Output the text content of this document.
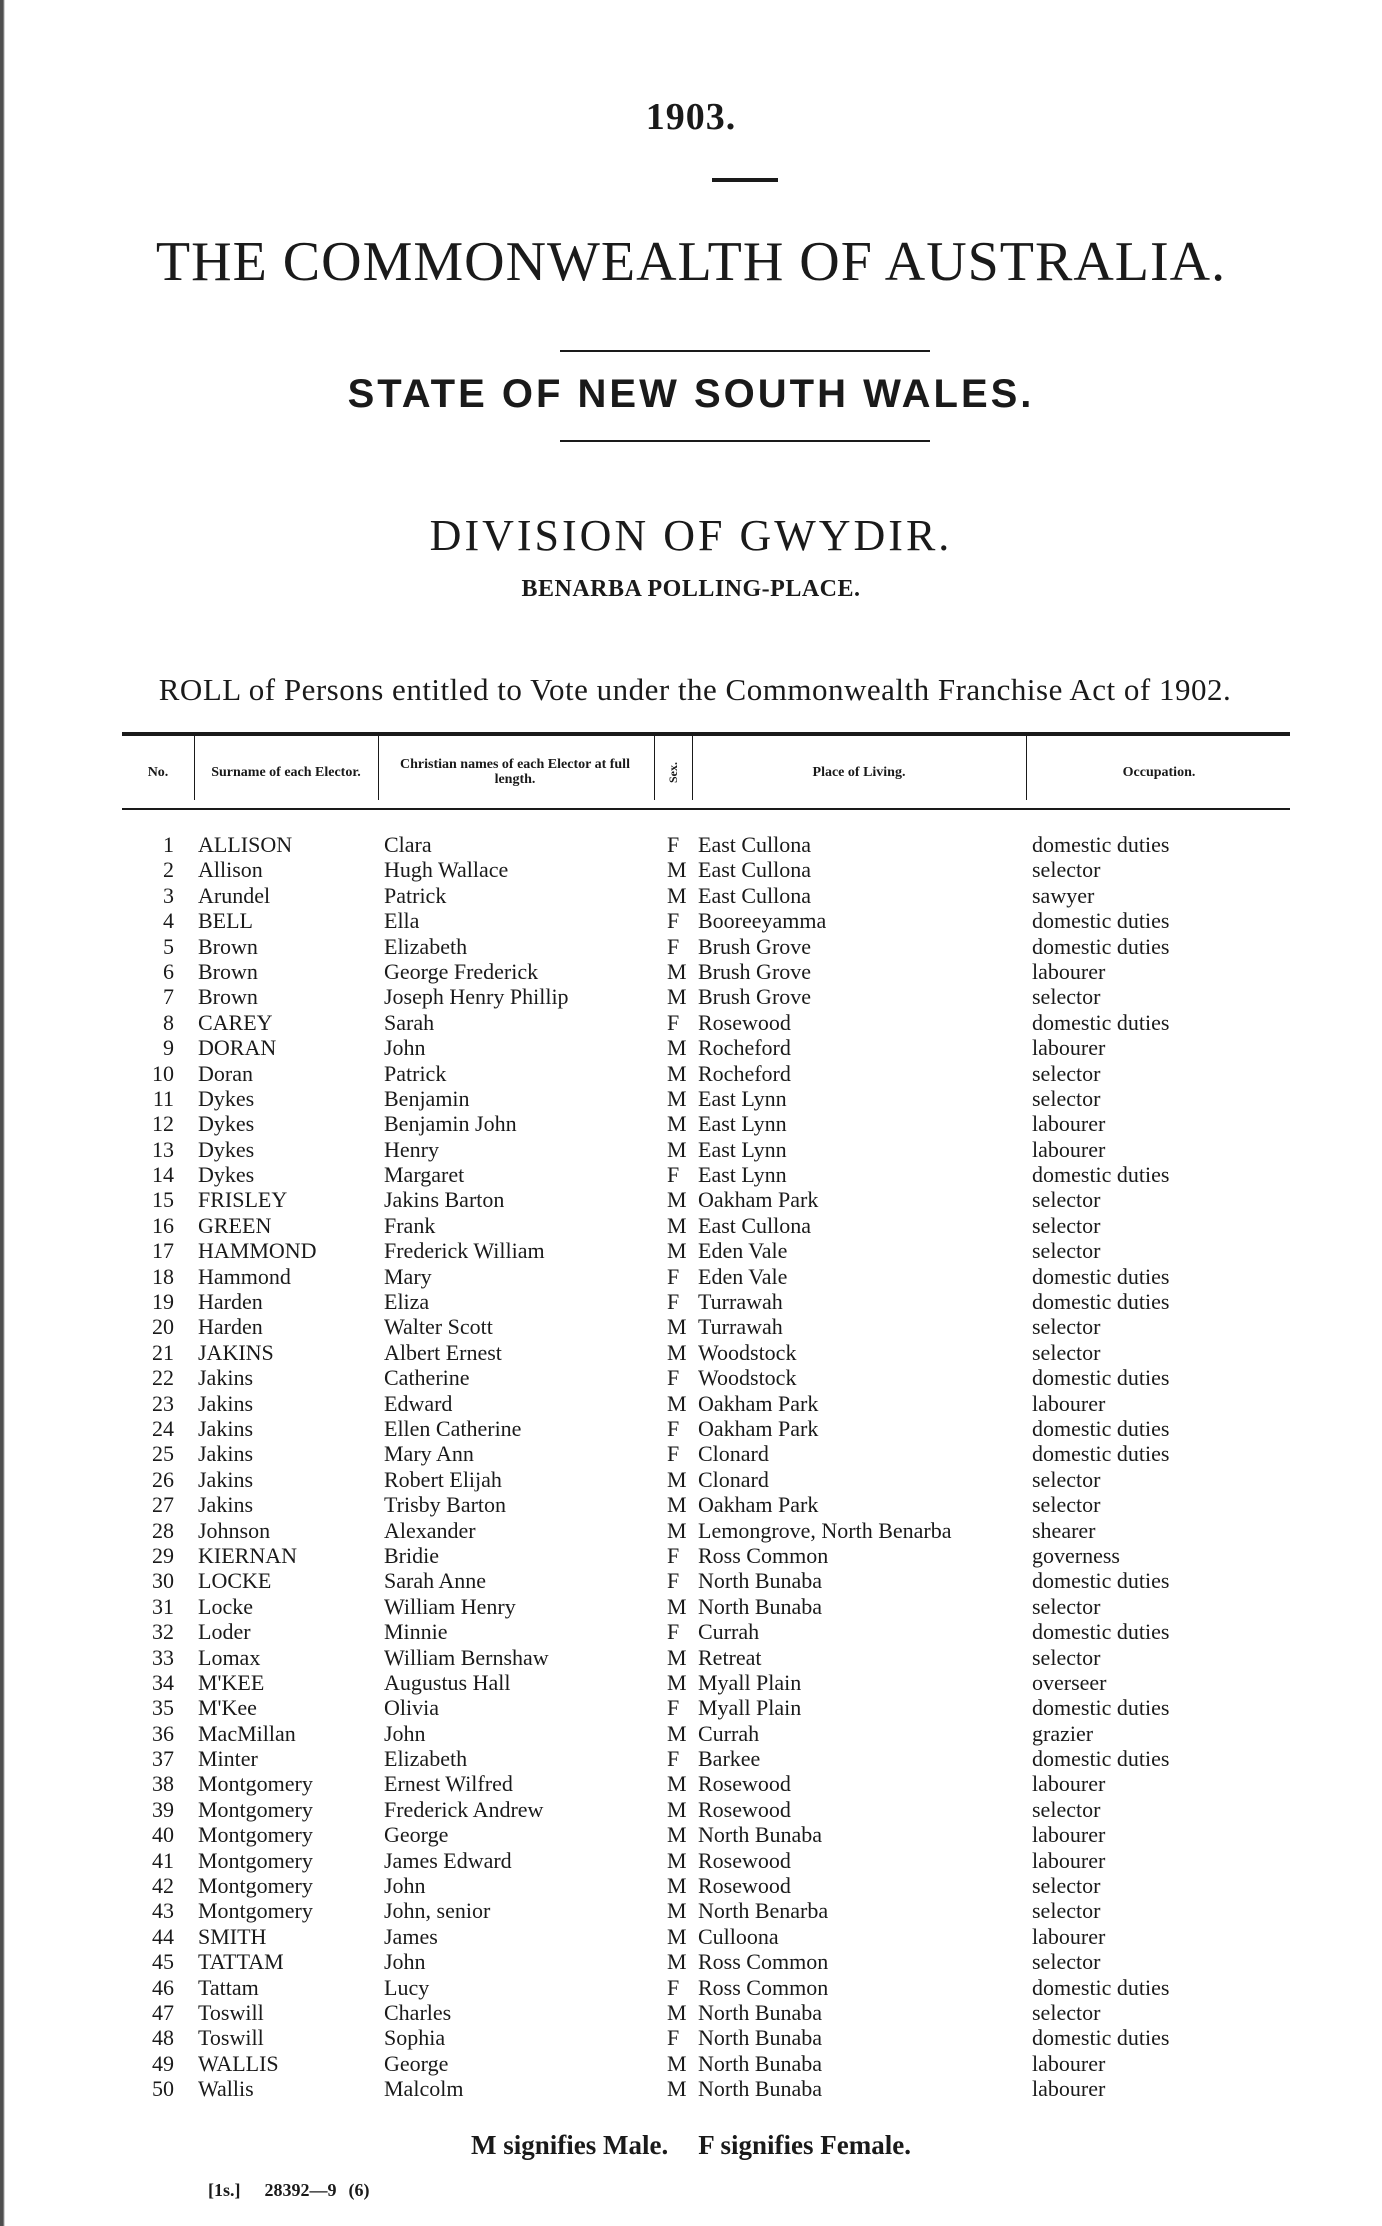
1903.
THE COMMONWEALTH OF AUSTRALIA.
STATE OF NEW SOUTH WALES.
DIVISION OF GWYDIR.
BENARBA POLLING-PLACE.
ROLL of Persons entitled to Vote under the Commonwealth Franchise Act of 1902.
No.	Surname of each Elector.	Christian names of each Elector at full length.	Sex.	Place of Living.	Occupation.
1 ALLISON	Clara	F East Cullona	domestic duties
2 Allison	Hugh Wallace	M East Cullona	selector
3 Arundel	Patrick	M East Cullona	sawyer
4 BELL	Ella	F Booreeyamma	domestic duties
5 Brown	Elizabeth	F Brush Grove	domestic duties
6 Brown	George Frederick	M Brush Grove	labourer
7 Brown	Joseph Henry Phillip	M Brush Grove	selector
8 CAREY	Sarah	F Rosewood	domestic duties
9 DORAN	John	M Rocheford	labourer
10 Doran	Patrick	M Rocheford	selector
11 Dykes	Benjamin	M East Lynn	selector
12 Dykes	Benjamin John	M East Lynn	labourer
13 Dykes	Henry	M East Lynn	labourer
14 Dykes	Margaret	F East Lynn	domestic duties
15 FRISLEY	Jakins Barton	M Oakham Park	selector
16 GREEN	Frank	M East Cullona	selector
17 HAMMOND	Frederick William	M Eden Vale	selector
18 Hammond	Mary	F Eden Vale	domestic duties
19 Harden	Eliza	F Turrawah	domestic duties
20 Harden	Walter Scott	M Turrawah	selector
21 JAKINS	Albert Ernest	M Woodstock	selector
22 Jakins	Catherine	F Woodstock	domestic duties
23 Jakins	Edward	M Oakham Park	labourer
24 Jakins	Ellen Catherine	F Oakham Park	domestic duties
25 Jakins	Mary Ann	F Clonard	domestic duties
26 Jakins	Robert Elijah	M Clonard	selector
27 Jakins	Trisby Barton	M Oakham Park	selector
28 Johnson	Alexander	M Lemongrove, North Benarba	shearer
29 KIERNAN	Bridie	F Ross Common	governess
30 LOCKE	Sarah Anne	F North Bunaba	domestic duties
31 Locke	William Henry	M North Bunaba	selector
32 Loder	Minnie	F Currah	domestic duties
33 Lomax	William Bernshaw	M Retreat	selector
34 M'KEE	Augustus Hall	M Myall Plain	overseer
35 M'Kee	Olivia	F Myall Plain	domestic duties
36 MacMillan	John	M Currah	grazier
37 Minter	Elizabeth	F Barkee	domestic duties
38 Montgomery	Ernest Wilfred	M Rosewood	labourer
39 Montgomery	Frederick Andrew	M Rosewood	selector
40 Montgomery	George	M North Bunaba	labourer
41 Montgomery	James Edward	M Rosewood	labourer
42 Montgomery	John	M Rosewood	selector
43 Montgomery	John, senior	M North Benarba	selector
44 SMITH	James	M Culloona	labourer
45 TATTAM	John	M Ross Common	selector
46 Tattam	Lucy	F Ross Common	domestic duties
47 Toswill	Charles	M North Bunaba	selector
48 Toswill	Sophia	F North Bunaba	domestic duties
49 WALLIS	George	M North Bunaba	labourer
50 Wallis	Malcolm	M North Bunaba	labourer
M signifies Male. F signifies Female.
[1s.] 28392—9 (6)
